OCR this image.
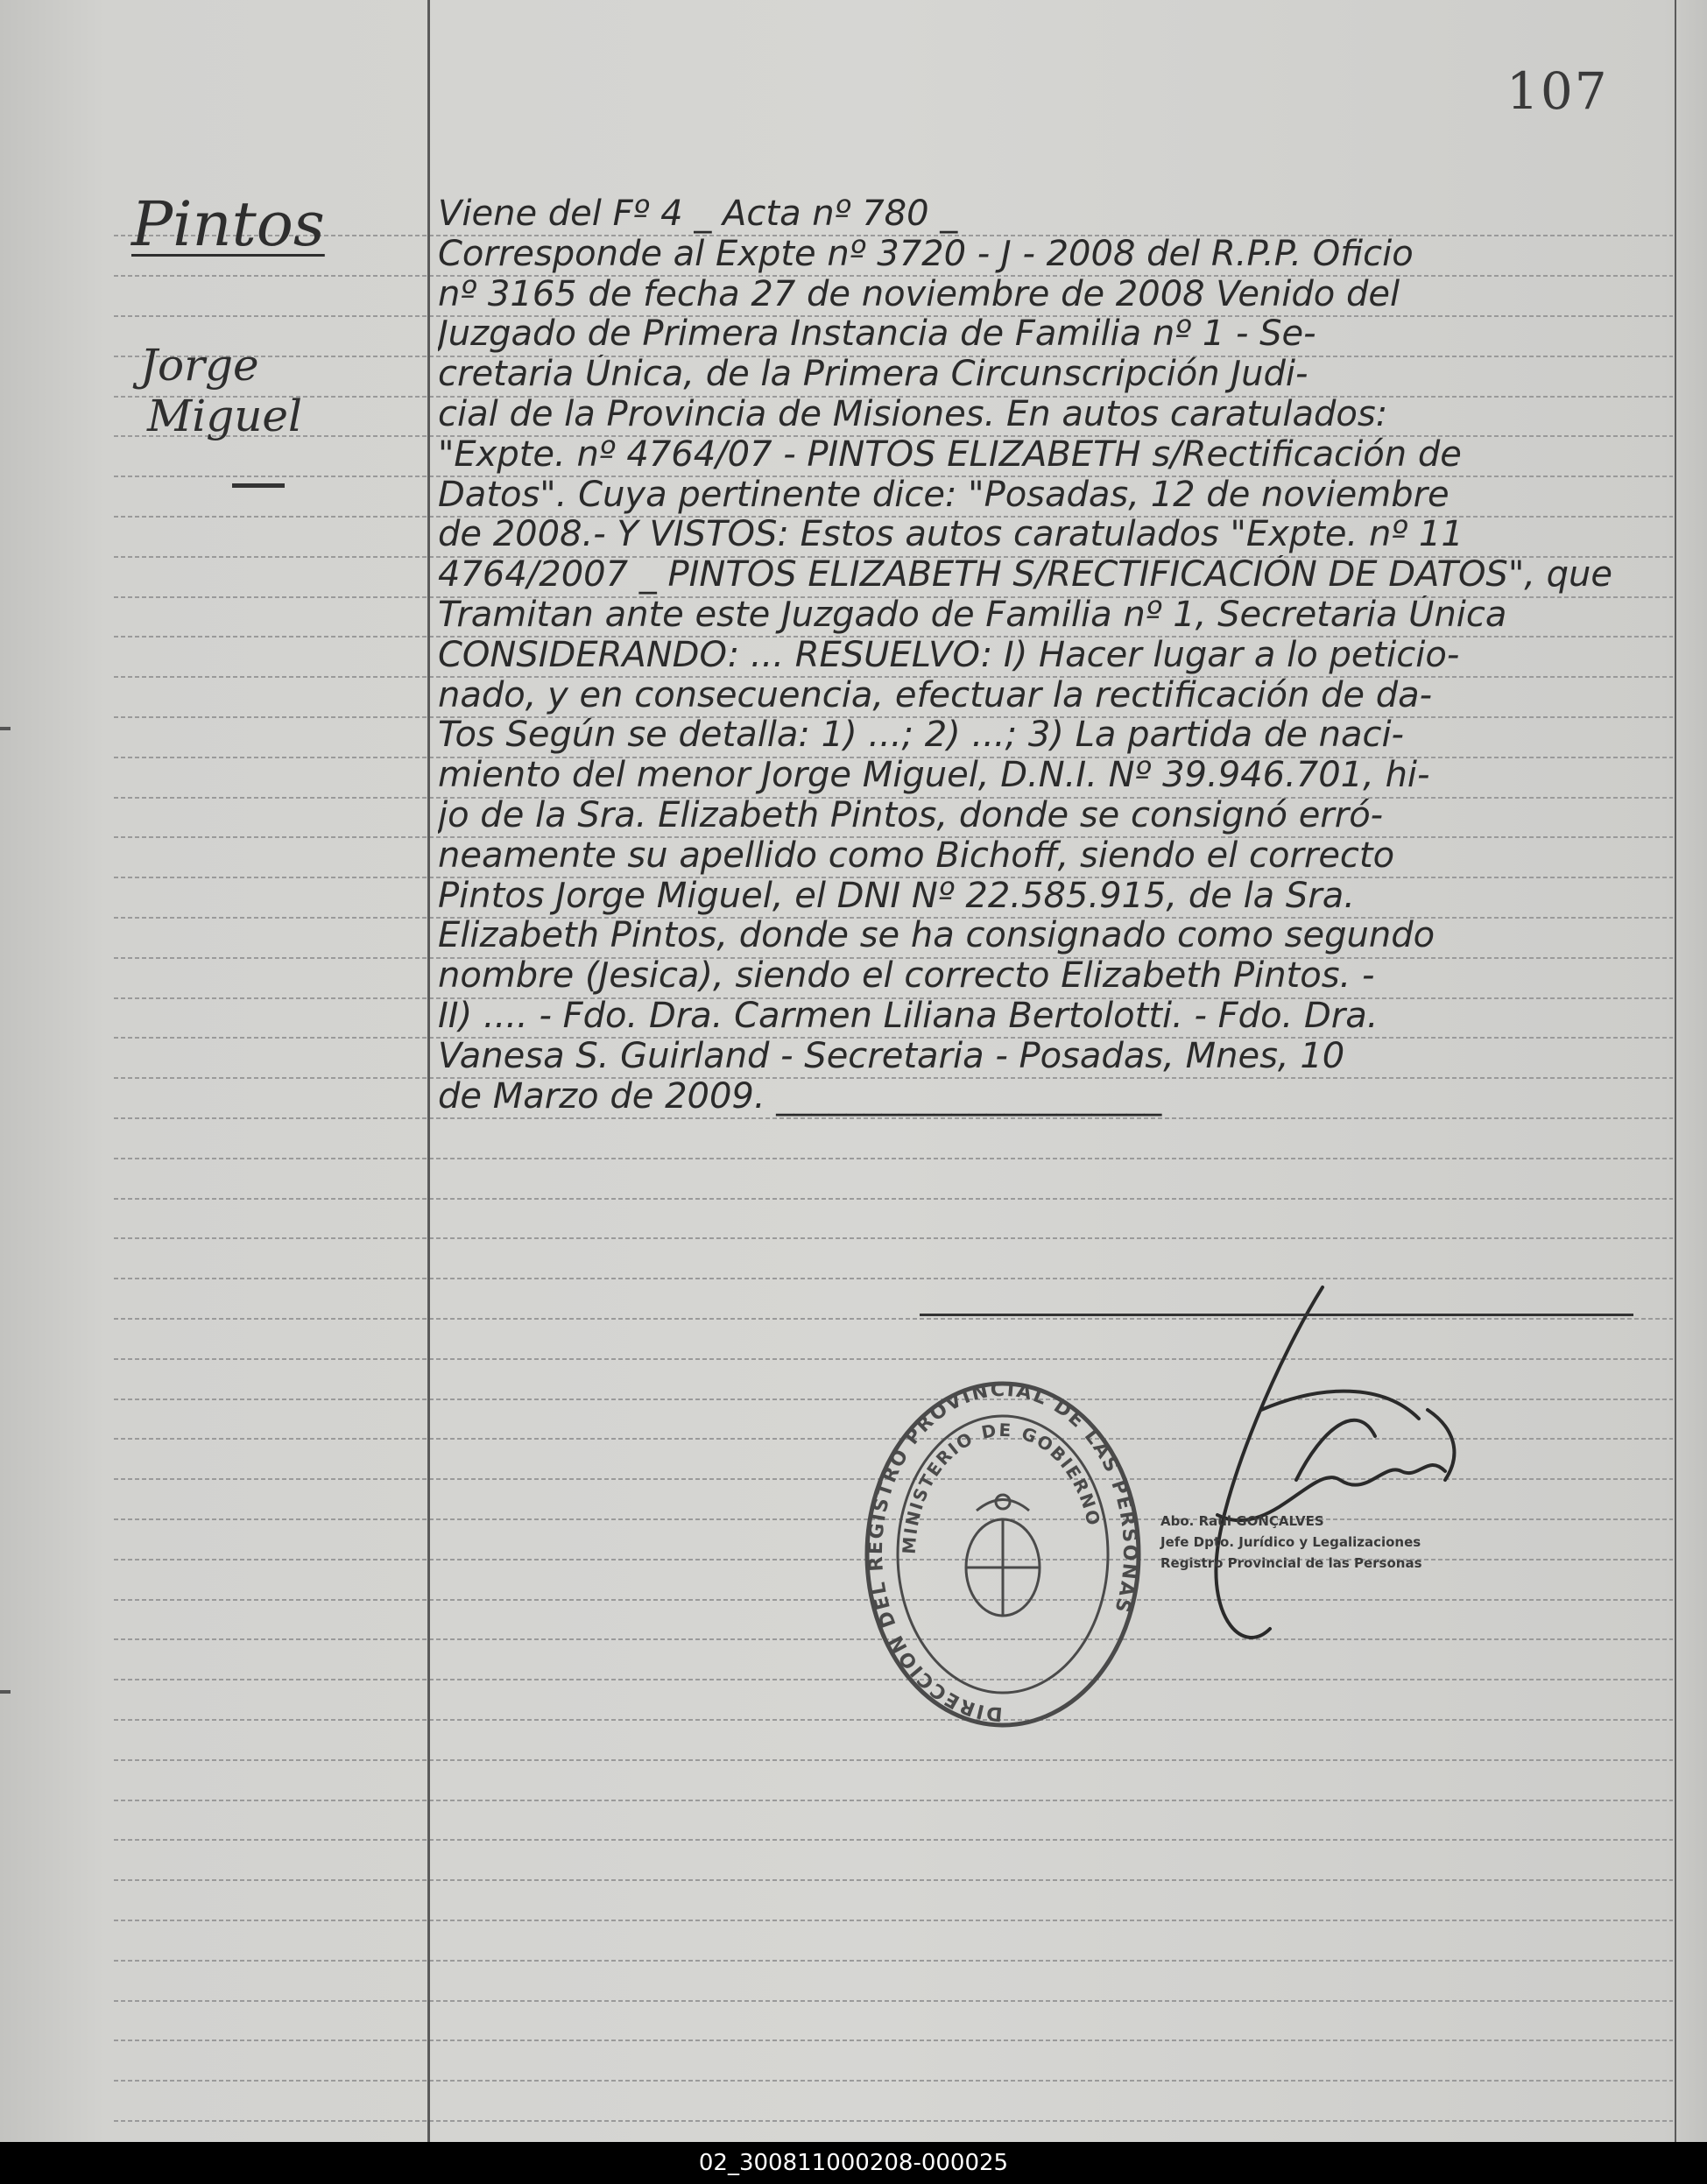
107
Pintos
Jorge
Miguel
Viene del Fº 4 _ Acta nº 780 _
Corresponde al Expte nº 3720 - J - 2008 del R.P.P. Oficio
nº 3165 de fecha 27 de noviembre de 2008 Venido del
Juzgado de Primera Instancia de Familia nº 1 - Se-
cretaria Única, de la Primera Circunscripción Judi-
cial de la Provincia de Misiones. En autos caratulados:
"Expte. nº 4764/07 - PINTOS ELIZABETH s/Rectificación de
Datos". Cuya pertinente dice: "Posadas, 12 de noviembre
de 2008.- Y VISTOS: Estos autos caratulados "Expte. nº 11
4764/2007 _ PINTOS ELIZABETH S/RECTIFICACIÓN DE DATOS", que
Tramitan ante este Juzgado de Familia nº 1, Secretaria Única
CONSIDERANDO: ... RESUELVO: I) Hacer lugar a lo peticio-
nado, y en consecuencia, efectuar la rectificación de da-
Tos Según se detalla: 1) ...; 2) ...; 3) La partida de naci-
miento del menor Jorge Miguel, D.N.I. Nº 39.946.701, hi-
jo de la Sra. Elizabeth Pintos, donde se consignó erró-
neamente su apellido como Bichoff, siendo el correcto
Pintos Jorge Miguel, el DNI Nº 22.585.915, de la Sra.
Elizabeth Pintos, donde se ha consignado como segundo
nombre (Jesica), siendo el correcto Elizabeth Pintos. -
II) .... - Fdo. Dra. Carmen Liliana Bertolotti. - Fdo. Dra.
Vanesa S. Guirland - Secretaria - Posadas, Mnes, 10
de Marzo de 2009. ______________________
DIRECCIÓN DEL REGISTRO PROVINCIAL DE LAS PERSONAS
MINISTERIO DE GOBIERNO	Abo. Raúl GONÇALVES
Jefe Dpto. Jurídico y Legalizaciones
Registro Provincial de las Personas
02_300811000208-000025
